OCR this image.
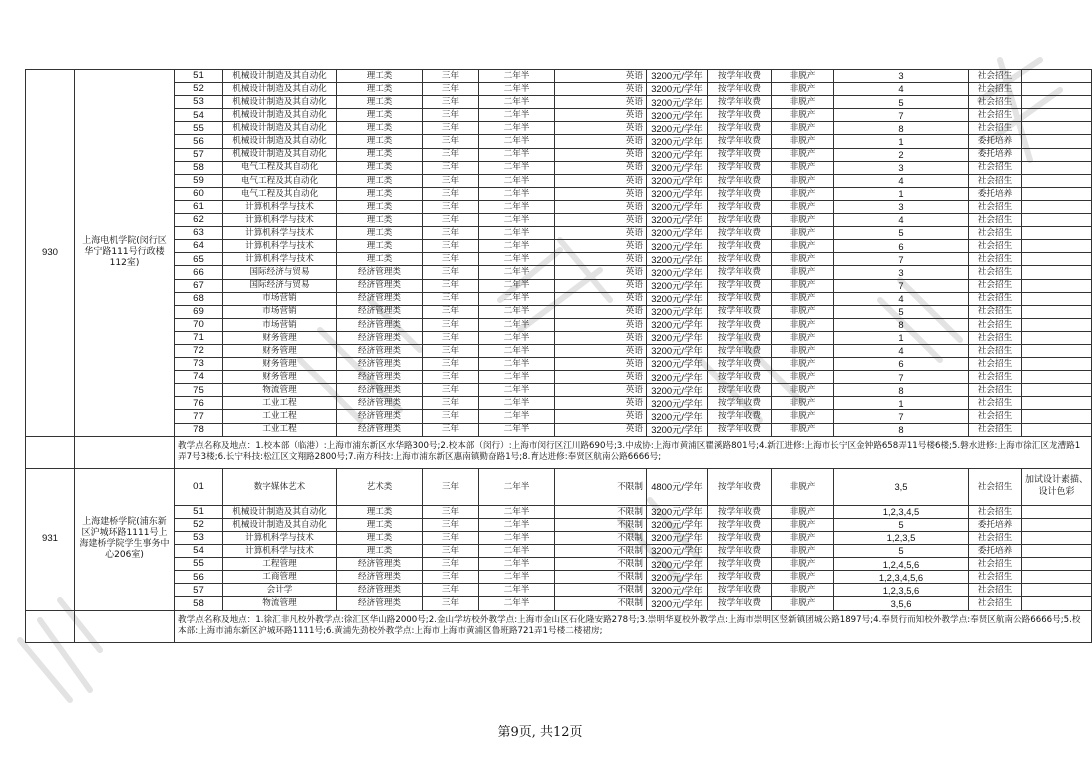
930	上海电机学院(闵行区华宁路111号行政楼112室)	51	机械设计制造及其自动化	理工类	三年	二年半	英语	3200元/学年	按学年收费	非脱产	3	社会招生	
		52	机械设计制造及其自动化	理工类	三年	二年半	英语	3200元/学年	按学年收费	非脱产	4	社会招生	
		53	机械设计制造及其自动化	理工类	三年	二年半	英语	3200元/学年	按学年收费	非脱产	5	社会招生	
		54	机械设计制造及其自动化	理工类	三年	二年半	英语	3200元/学年	按学年收费	非脱产	7	社会招生	
		55	机械设计制造及其自动化	理工类	三年	二年半	英语	3200元/学年	按学年收费	非脱产	8	社会招生	
		56	机械设计制造及其自动化	理工类	三年	二年半	英语	3200元/学年	按学年收费	非脱产	1	委托培养	
		57	机械设计制造及其自动化	理工类	三年	二年半	英语	3200元/学年	按学年收费	非脱产	2	委托培养	
		58	电气工程及其自动化	理工类	三年	二年半	英语	3200元/学年	按学年收费	非脱产	3	社会招生	
		59	电气工程及其自动化	理工类	三年	二年半	英语	3200元/学年	按学年收费	非脱产	4	社会招生	
		60	电气工程及其自动化	理工类	三年	二年半	英语	3200元/学年	按学年收费	非脱产	1	委托培养	
		61	计算机科学与技术	理工类	三年	二年半	英语	3200元/学年	按学年收费	非脱产	3	社会招生	
		62	计算机科学与技术	理工类	三年	二年半	英语	3200元/学年	按学年收费	非脱产	4	社会招生	
		63	计算机科学与技术	理工类	三年	二年半	英语	3200元/学年	按学年收费	非脱产	5	社会招生	
		64	计算机科学与技术	理工类	三年	二年半	英语	3200元/学年	按学年收费	非脱产	6	社会招生	
		65	计算机科学与技术	理工类	三年	二年半	英语	3200元/学年	按学年收费	非脱产	7	社会招生	
		66	国际经济与贸易	经济管理类	三年	二年半	英语	3200元/学年	按学年收费	非脱产	3	社会招生	
		67	国际经济与贸易	经济管理类	三年	二年半	英语	3200元/学年	按学年收费	非脱产	7	社会招生	
		68	市场营销	经济管理类	三年	二年半	英语	3200元/学年	按学年收费	非脱产	4	社会招生	
		69	市场营销	经济管理类	三年	二年半	英语	3200元/学年	按学年收费	非脱产	5	社会招生	
		70	市场营销	经济管理类	三年	二年半	英语	3200元/学年	按学年收费	非脱产	8	社会招生	
		71	财务管理	经济管理类	三年	二年半	英语	3200元/学年	按学年收费	非脱产	1	社会招生	
		72	财务管理	经济管理类	三年	二年半	英语	3200元/学年	按学年收费	非脱产	4	社会招生	
		73	财务管理	经济管理类	三年	二年半	英语	3200元/学年	按学年收费	非脱产	6	社会招生	
		74	财务管理	经济管理类	三年	二年半	英语	3200元/学年	按学年收费	非脱产	7	社会招生	
		75	物流管理	经济管理类	三年	二年半	英语	3200元/学年	按学年收费	非脱产	8	社会招生	
		76	工业工程	经济管理类	三年	二年半	英语	3200元/学年	按学年收费	非脱产	1	社会招生	
		77	工业工程	经济管理类	三年	二年半	英语	3200元/学年	按学年收费	非脱产	7	社会招生	
		78	工业工程	经济管理类	三年	二年半	英语	3200元/学年	按学年收费	非脱产	8	社会招生	
		教学点名称及地点：1.校本部（临港）:上海市浦东新区水华路300号;2.校本部（闵行）:上海市闵行区江川路690号;3.中成协:上海市黄浦区瞿溪路801号;4.新江进修:上海市长宁区金钟路658弄11号楼6楼;5.磐水进修:上海市徐汇区龙漕路1弄7号3楼;6.长宁科技:松江区文翔路2800号;7.南方科技:上海市浦东新区惠南镇勤奋路1号;8.育达进修:奉贤区航南公路6666号;											
931	上海建桥学院(浦东新区沪城环路1111号上海建桥学院学生事务中心206室)	01	数字媒体艺术	艺术类	三年	二年半	不限制	4800元/学年	按学年收费	非脱产	3,5	社会招生	加试设计素描、设计色彩
		51	机械设计制造及其自动化	理工类	三年	二年半	不限制	3200元/学年	按学年收费	非脱产	1,2,3,4,5	社会招生	
		52	机械设计制造及其自动化	理工类	三年	二年半	不限制	3200元/学年	按学年收费	非脱产	5	委托培养	
		53	计算机科学与技术	理工类	三年	二年半	不限制	3200元/学年	按学年收费	非脱产	1,2,3,5	社会招生	
		54	计算机科学与技术	理工类	三年	二年半	不限制	3200元/学年	按学年收费	非脱产	5	委托培养	
		55	工程管理	经济管理类	三年	二年半	不限制	3200元/学年	按学年收费	非脱产	1,2,4,5,6	社会招生	
		56	工商管理	经济管理类	三年	二年半	不限制	3200元/学年	按学年收费	非脱产	1,2,3,4,5,6	社会招生	
		57	会计学	经济管理类	三年	二年半	不限制	3200元/学年	按学年收费	非脱产	1,2,3,5,6	社会招生	
		58	物流管理	经济管理类	三年	二年半	不限制	3200元/学年	按学年收费	非脱产	3,5,6	社会招生	
		教学点名称及地点：1.徐汇非凡校外教学点:徐汇区华山路2000号;2.金山学坊校外教学点:上海市金山区石化隆安路278号;3.崇明华夏校外教学点:上海市崇明区竖新镇团城公路1897号;4.奉贤行而知校外教学点:奉贤区航南公路6666号;5.校本部:上海市浦东新区沪城环路1111号;6.黄浦先劲校外教学点:上海市上海市黄浦区鲁班路721弄1号楼二楼裙房;											
第9页, 共12页
